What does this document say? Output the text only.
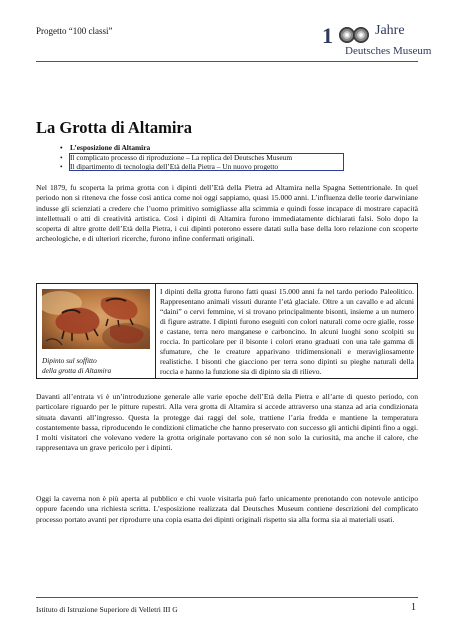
Progetto “100 classi”	1	Jahre
Deutsches Museum
La Grotta di Altamira
• L’esposizione di Altamira
• Il complicato processo di riproduzione – La replica del Deutsches Museum
• Il dipartimento di tecnologia dell’Età della Pietra – Un nuovo progetto

Nel 1879, fu scoperta la prima grotta con i dipinti dell’Età della Pietra ad Altamira nella Spagna Settentrionale. In quel periodo non si riteneva che fosse così antica come noi oggi sappiamo, quasi 15.000 anni. L’influenza delle teorie darwiniane indusse gli scienziati a credere che l’uomo primitivo somigliasse alla scimmia e quindi fosse incapace di mostrare capacità intellettuali o atti di creatività artistica. Così i dipinti di Altamira furono immediatamente dichiarati falsi. Solo dopo la scoperta di altre grotte dell’Età della Pietra, i cui dipinti poterono essere datati sulla base della loro relazione con scoperte archeologiche, e di ulteriori ricerche, furono infine confermati originali.

Dipinto sul soffitto
della grotta di Altamira

I dipinti della grotta furono fatti quasi 15.000 anni fa nel tardo periodo Paleolitico. Rappresentano animali vissuti durante l’età glaciale. Oltre a un cavallo e ad alcuni “daini” o cervi femmine, vi si trovano principalmente bisonti, insieme a un numero di figure astratte. I dipinti furono eseguiti con colori naturali come ocre gialle, rosse e castane, terra nero manganese e carboncino. In alcuni luoghi sono scolpiti su roccia. In particolare per il bisonte i colori erano graduati con una tale gamma di sfumature, che le creature apparivano tridimensionali e meravigliosamente realistiche. I bisonti che giacciono per terra sono dipinti su pieghe naturali della roccia e hanno la funzione sia di dipinto sia di rilievo.

Davanti all’entrata vi è un’introduzione generale alle varie epoche dell’Età della Pietra e all’arte di questo periodo, con particolare riguardo per le pitture rupestri. Alla vera grotta di Altamira si accede attraverso una stanza ad aria condizionata situata davanti all’ingresso. Questa la protegge dai raggi del sole, trattiene l’aria fredda e mantiene la temperatura costantemente bassa, riproducendo le condizioni climatiche che hanno preservato con successo gli antichi dipinti fino a oggi. I molti visitatori che volevano vedere la grotta originale portavano con sé non solo la curiosità, ma anche il calore, che rappresentava un grave pericolo per i dipinti.

Oggi la caverna non è più aperta al pubblico e chi vuole visitarla può farlo unicamente prenotando con notevole anticipo oppure facendo una richiesta scritta. L’esposizione realizzata dal Deutsches Museum contiene descrizioni del complicato processo portato avanti per riprodurre una copia esatta dei dipinti originali rispetto sia alla forma sia ai materiali usati.

Istituto di Istruzione Superiore di Velletri III G	1
